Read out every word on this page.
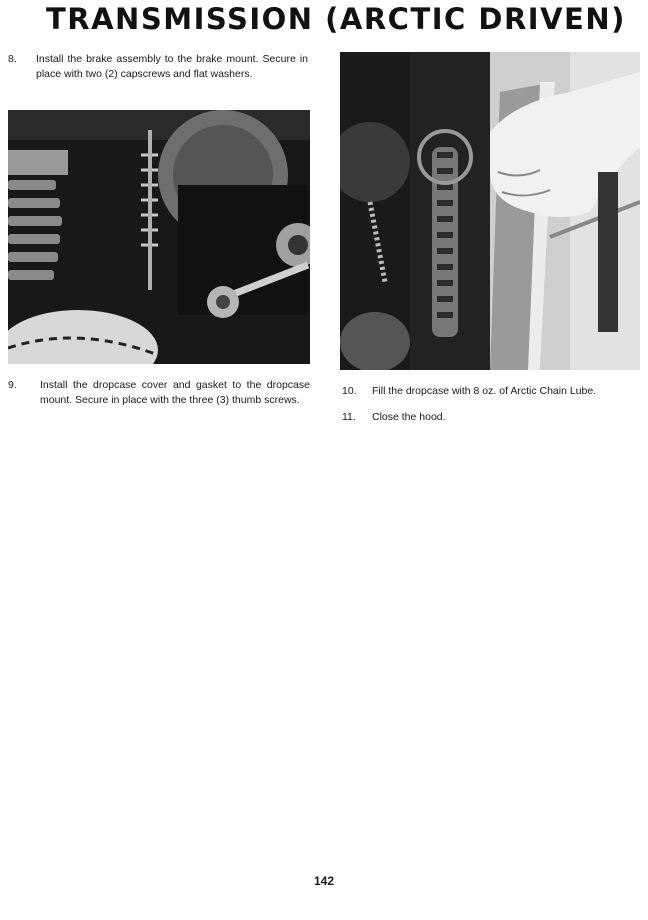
TRANSMISSION (ARCTIC DRIVEN)
8. Install the brake assembly to the brake mount. Secure in place with two (2) capscrews and flat washers.
9. Install the dropcase cover and gasket to the dropcase mount. Secure in place with the three (3) thumb screws.
10. Fill the dropcase with 8 oz. of Arctic Chain Lube.
11. Close the hood.
142
